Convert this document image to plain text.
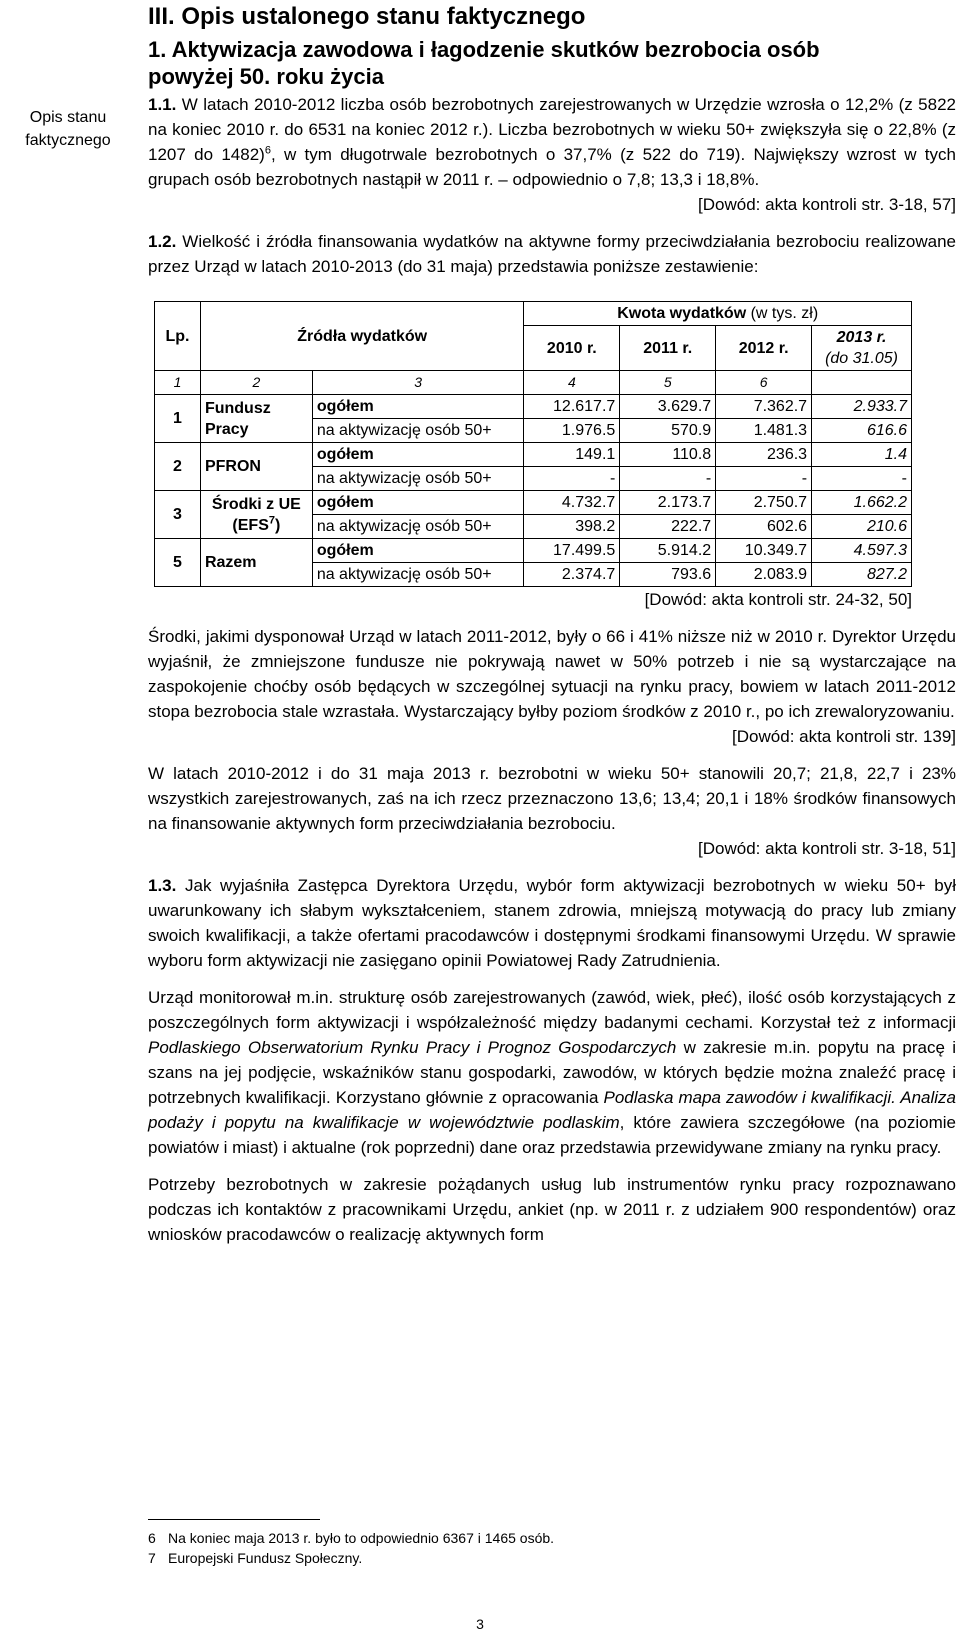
Opis stanu
faktycznego
III. Opis ustalonego stanu faktycznego
1. Aktywizacja zawodowa i łagodzenie skutków bezrobocia osób
powyżej 50. roku życia

1.1. W latach 2010-2012 liczba osób bezrobotnych zarejestrowanych w Urzędzie wzrosła o 12,2% (z 5822 na koniec 2010 r. do 6531 na koniec 2012 r.). Liczba bezrobotnych w wieku 50+ zwiększyła się o 22,8% (z 1207 do 1482)$^6$, w tym długotrwale bezrobotnych o 37,7% (z 522 do 719). Największy wzrost w tych grupach osób bezrobotnych nastąpił w 2011 r. – odpowiednio o 7,8; 13,3 i 18,8%.

[Dowód: akta kontroli str. 3-18, 57]

1.2. Wielkość i źródła finansowania wydatków na aktywne formy przeciwdziałania bezrobociu realizowane przez Urząd w latach 2010-2013 (do 31 maja) przedstawia poniższe zestawienie:

Lp.	Źródła wydatków		Kwota wydatków (w tys. zł)			
			2010 r.	2011 r.	2012 r.	2013 r.
(do 31.05)

1	2	3	4	5	6	
1	Fundusz Pracy	ogółem	12.617.7	3.629.7	7.362.7	2.933.7
		na aktywizację osób 50+	1.976.5	570.9	1.481.3	616.6
2	PFRON	ogółem	149.1	110.8	236.3	1.4
		na aktywizację osób 50+	-	-	-	-
3	Środki z UE (EFS$^7$)	ogółem	4.732.7	2.173.7	2.750.7	1.662.2
		na aktywizację osób 50+	398.2	222.7	602.6	210.6
5	Razem	ogółem	17.499.5	5.914.2	10.349.7	4.597.3
		na aktywizację osób 50+	2.374.7	793.6	2.083.9	827.2

[Dowód: akta kontroli str. 24-32, 50]

Środki, jakimi dysponował Urząd w latach 2011-2012, były o 66 i 41% niższe niż w 2010 r. Dyrektor Urzędu wyjaśnił, że zmniejszone fundusze nie pokrywają nawet w 50% potrzeb i nie są wystarczające na zaspokojenie choćby osób będących w szczególnej sytuacji na rynku pracy, bowiem w latach 2011-2012 stopa bezrobocia stale wzrastała. Wystarczający byłby poziom środków z 2010 r., po ich zrewaloryzowaniu.

[Dowód: akta kontroli str. 139]

W latach 2010-2012 i do 31 maja 2013 r. bezrobotni w wieku 50+ stanowili 20,7; 21,8, 22,7 i 23% wszystkich zarejestrowanych, zaś na ich rzecz przeznaczono 13,6; 13,4; 20,1 i 18% środków finansowych na finansowanie aktywnych form przeciwdziałania bezrobociu.

[Dowód: akta kontroli str. 3-18, 51]

1.3. Jak wyjaśniła Zastępca Dyrektora Urzędu, wybór form aktywizacji bezrobotnych w wieku 50+ był uwarunkowany ich słabym wykształceniem, stanem zdrowia, mniejszą motywacją do pracy lub zmiany swoich kwalifikacji, a także ofertami pracodawców i dostępnymi środkami finansowymi Urzędu. W sprawie wyboru form aktywizacji nie zasięgano opinii Powiatowej Rady Zatrudnienia.

Urząd monitorował m.in. strukturę osób zarejestrowanych (zawód, wiek, płeć), ilość osób korzystających z poszczególnych form aktywizacji i współzależność między badanymi cechami. Korzystał też z informacji Podlaskiego Obserwatorium Rynku Pracy i Prognoz Gospodarczych w zakresie m.in. popytu na pracę i szans na jej podjęcie, wskaźników stanu gospodarki, zawodów, w których będzie można znaleźć pracę i potrzebnych kwalifikacji. Korzystano głównie z opracowania Podlaska mapa zawodów i kwalifikacji. Analiza podaży i popytu na kwalifikacje w województwie podlaskim, które zawiera szczegółowe (na poziomie powiatów i miast) i aktualne (rok poprzedni) dane oraz przedstawia przewidywane zmiany na rynku pracy.

Potrzeby bezrobotnych w zakresie pożądanych usług lub instrumentów rynku pracy rozpoznawano podczas ich kontaktów z pracownikami Urzędu, ankiet (np. w 2011 r. z udziałem 900 respondentów) oraz wniosków pracodawców o realizację aktywnych form

6 Na koniec maja 2013 r. było to odpowiednio 6367 i 1465 osób.
7 Europejski Fundusz Społeczny.
3
